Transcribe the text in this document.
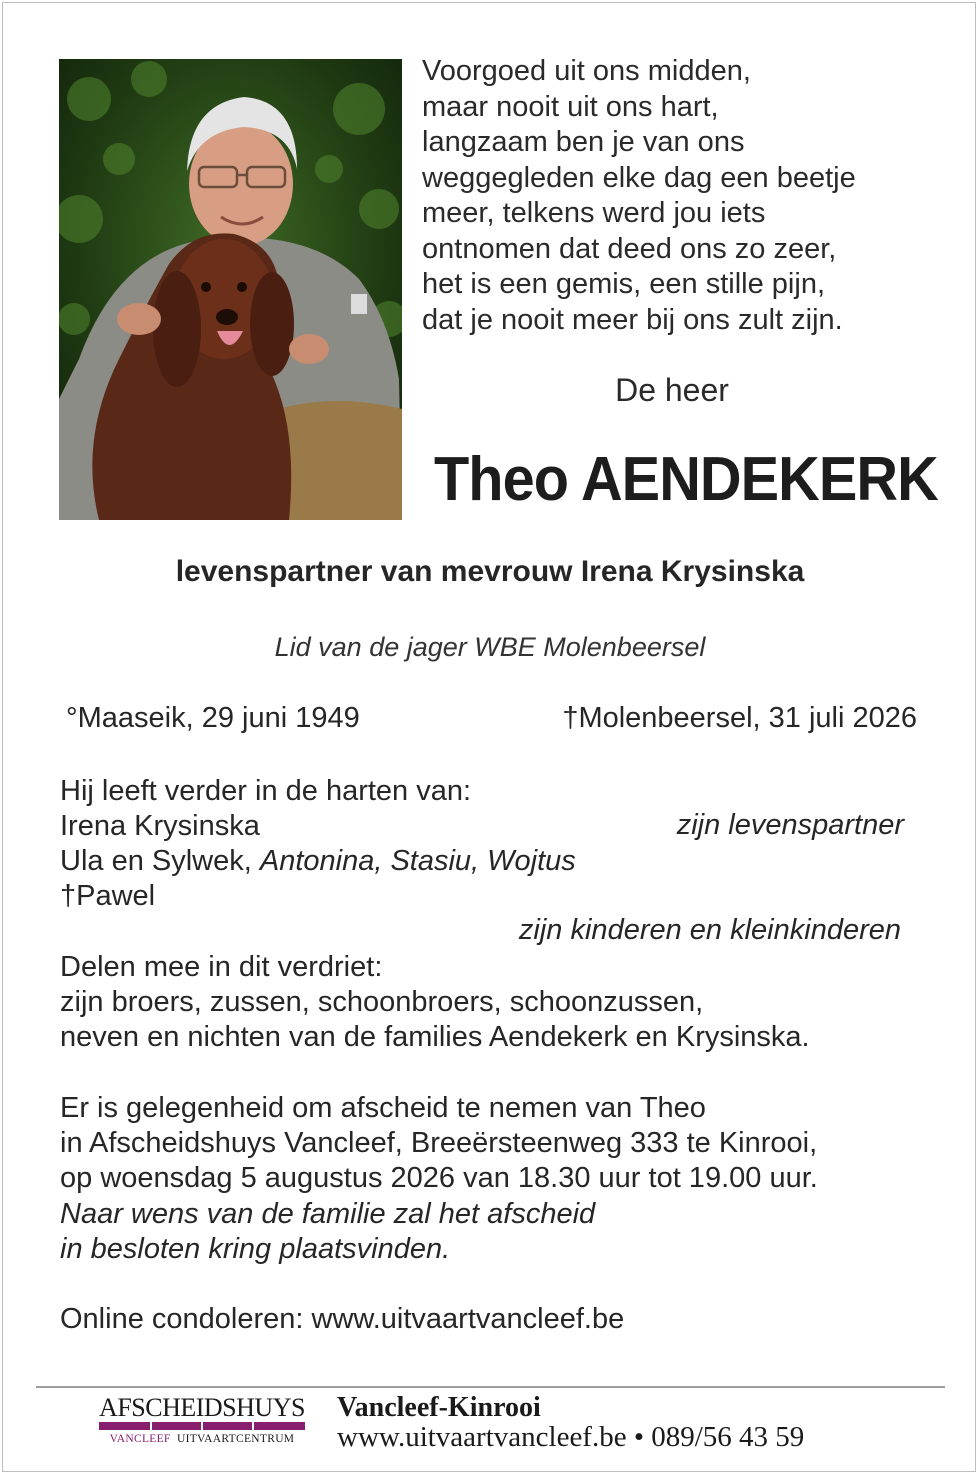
Voorgoed uit ons midden,
maar nooit uit ons hart,
langzaam ben je van ons
weggegleden elke dag een beetje
meer, telkens werd jou iets
ontnomen dat deed ons zo zeer,
het is een gemis, een stille pijn,
dat je nooit meer bij ons zult zijn.
De heer
Theo AENDEKERK
levenspartner van mevrouw Irena Krysinska
Lid van de jager WBE Molenbeersel
°Maaseik, 29 juni 1949	†Molenbeersel, 31 juli 2026
Hij leeft verder in de harten van:
Irena Krysinska	zijn levenspartner
Ula en Sylwek, Antonina, Stasiu, Wojtus
†Pawel
zijn kinderen en kleinkinderen
Delen mee in dit verdriet:
zijn broers, zussen, schoonbroers, schoonzussen,
neven en nichten van de families Aendekerk en Krysinska.
Er is gelegenheid om afscheid te nemen van Theo
in Afscheidshuys Vancleef, Breeërsteenweg 333 te Kinrooi,
op woensdag 5 augustus 2026 van 18.30 uur tot 19.00 uur.
Naar wens van de familie zal het afscheid
in besloten kring plaatsvinden.
Online condoleren: www.uitvaartvancleef.be
AFSCHEIDSHUYS
VANCLEEF UITVAARTCENTRUM
Vancleef-Kinrooi
www.uitvaartvancleef.be • 089/56 43 59
